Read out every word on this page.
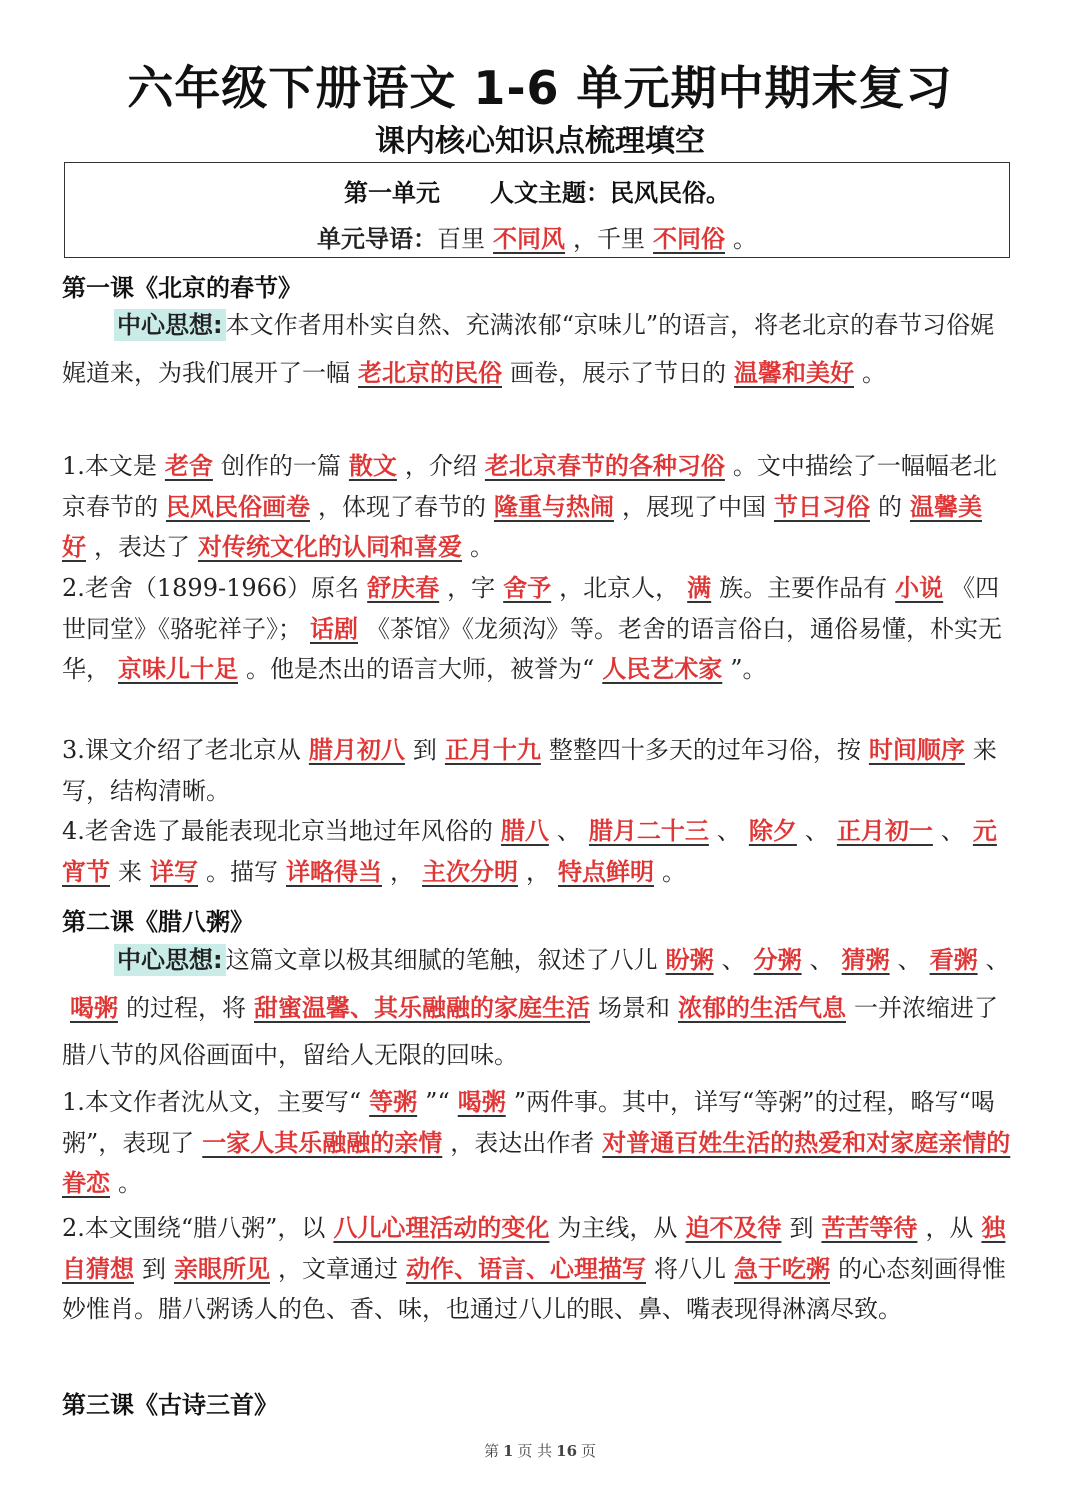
六年级下册语文 1-6 单元期中期末复习
课内核心知识点梳理填空
第一单元 人文主题：民风民俗。
单元导语：百里 不同风 ，千里 不同俗 。
第一课《北京的春节》
中心思想: 本文作者用朴实自然、充满浓郁“京味儿”的语言，将老北京的春节习俗娓娓道来，为我们展开了一幅 老北京的民俗 画卷，展示了节日的 温馨和美好 。
1.本文是 老舍 创作的一篇 散文 ，介绍 老北京春节的各种习俗 。文中描绘了一幅幅老北京春节的 民风民俗画卷 ，体现了春节的 隆重与热闹 ，展现了中国 节日习俗 的 温馨美好 ，表达了 对传统文化的认同和喜爱 。
2.老舍（1899-1966）原名 舒庆春 ，字 舍予 ，北京人， 满 族。主要作品有 小说 《四世同堂》《骆驼祥子》； 话剧 《茶馆》《龙须沟》等。老舍的语言俗白，通俗易懂，朴实无华， 京味儿十足 。他是杰出的语言大师，被誉为“ 人民艺术家 ”。
3.课文介绍了老北京从 腊月初八 到 正月十九 整整四十多天的过年习俗，按 时间顺序 来写，结构清晰。
4.老舍选了最能表现北京当地过年风俗的 腊八 、 腊月二十三 、 除夕 、 正月初一 、 元宵节 来 详写 。描写 详略得当 ， 主次分明 ， 特点鲜明 。
第二课《腊八粥》
中心思想: 这篇文章以极其细腻的笔触，叙述了八儿 盼粥 、 分粥 、 猜粥 、 看粥 、喝粥 的过程，将 甜蜜温馨、其乐融融的家庭生活 场景和 浓郁的生活气息 一并浓缩进了腊八节的风俗画面中，留给人无限的回味。
1.本文作者沈从文，主要写“ 等粥 ”“ 喝粥 ”两件事。其中，详写“等粥”的过程，略写“喝粥”，表现了 一家人其乐融融的亲情 ，表达出作者 对普通百姓生活的热爱和对家庭亲情的眷恋 。
2.本文围绕“腊八粥”，以 八儿心理活动的变化 为主线，从 迫不及待 到 苦苦等待 ，从 独自猜想 到 亲眼所见 ，文章通过 动作、语言、心理描写 将八儿 急于吃粥 的心态刻画得惟妙惟肖。腊八粥诱人的色、香、味，也通过八儿的眼、鼻、嘴表现得淋漓尽致。
第三课《古诗三首》
第 1 页 共 16 页
